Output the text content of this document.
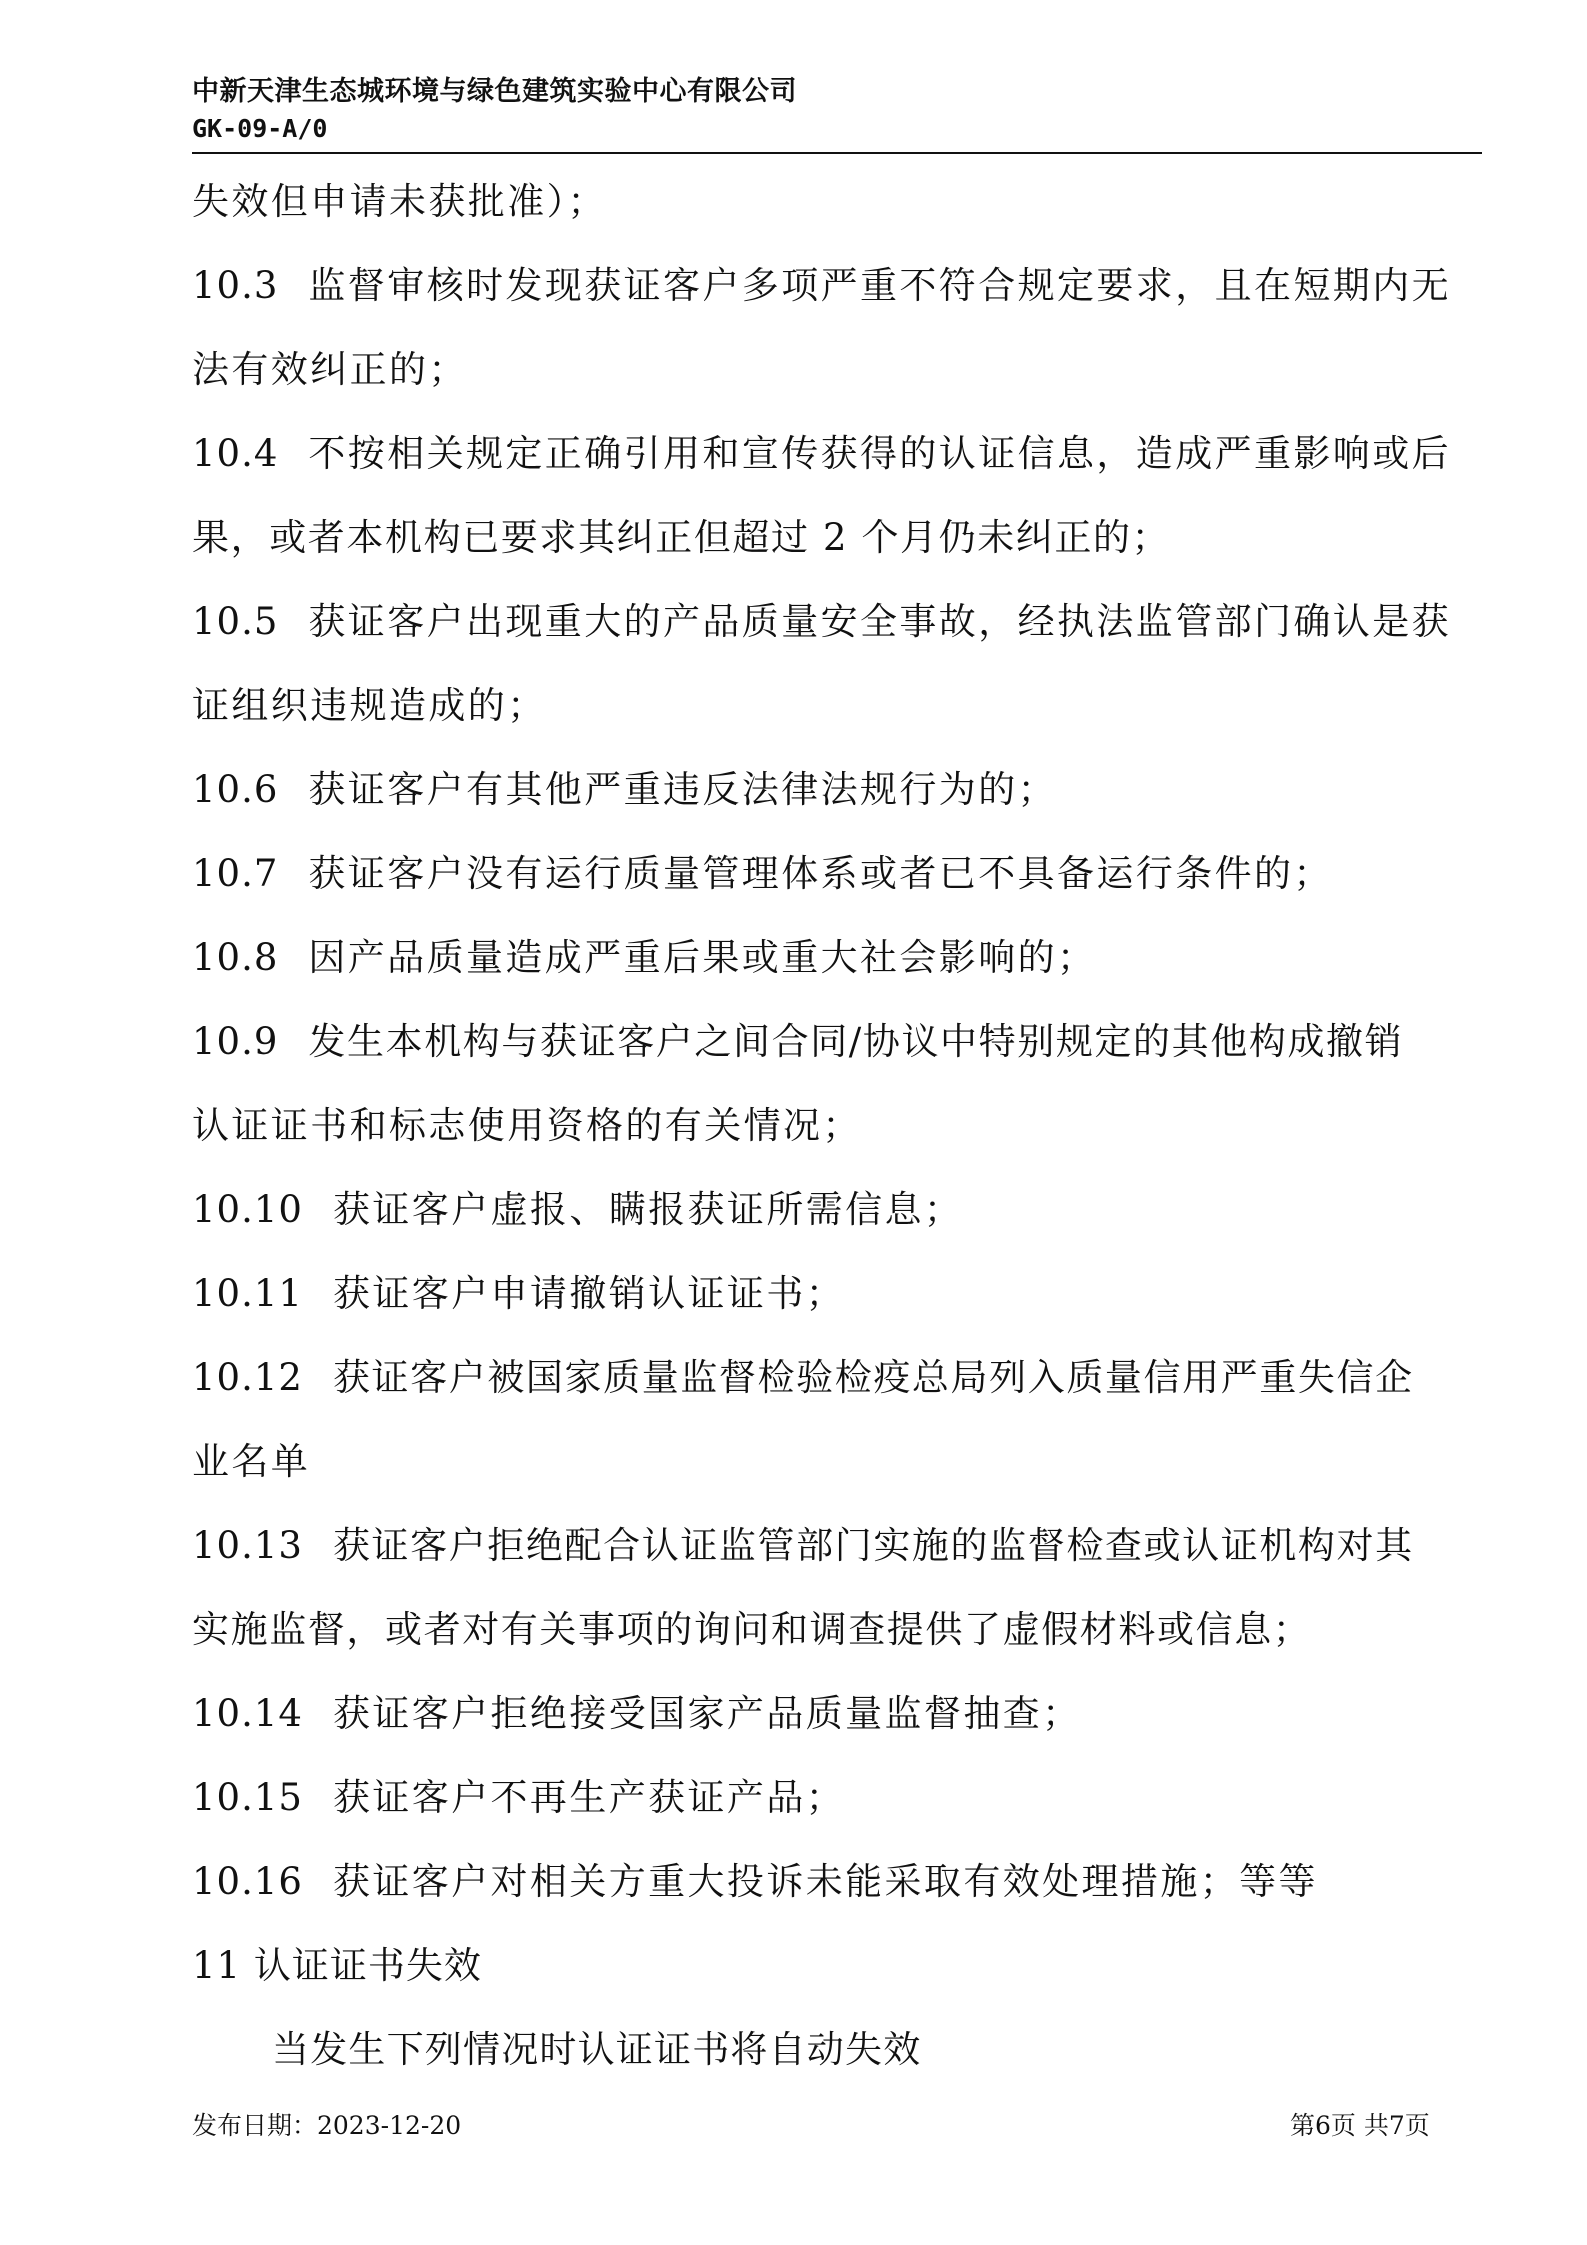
中新天津生态城环境与绿色建筑实验中心有限公司
GK-09-A/0
失效但申请未获批准）；
10.3 监督审核时发现获证客户多项严重不符合规定要求，且在短期内无
法有效纠正的；
10.4 不按相关规定正确引用和宣传获得的认证信息，造成严重影响或后
果，或者本机构已要求其纠正但超过 2 个月仍未纠正的；
10.5 获证客户出现重大的产品质量安全事故，经执法监管部门确认是获
证组织违规造成的；
10.6 获证客户有其他严重违反法律法规行为的；
10.7 获证客户没有运行质量管理体系或者已不具备运行条件的；
10.8 因产品质量造成严重后果或重大社会影响的；
10.9 发生本机构与获证客户之间合同/协议中特别规定的其他构成撤销
认证证书和标志使用资格的有关情况；
10.10 获证客户虚报、瞒报获证所需信息；
10.11 获证客户申请撤销认证证书；
10.12 获证客户被国家质量监督检验检疫总局列入质量信用严重失信企
业名单
10.13 获证客户拒绝配合认证监管部门实施的监督检查或认证机构对其
实施监督，或者对有关事项的询问和调查提供了虚假材料或信息；
10.14 获证客户拒绝接受国家产品质量监督抽查；
10.15 获证客户不再生产获证产品；
10.16 获证客户对相关方重大投诉未能采取有效处理措施；等等
11 认证证书失效
当发生下列情况时认证证书将自动失效
发布日期：2023-12-20	第6页 共7页
